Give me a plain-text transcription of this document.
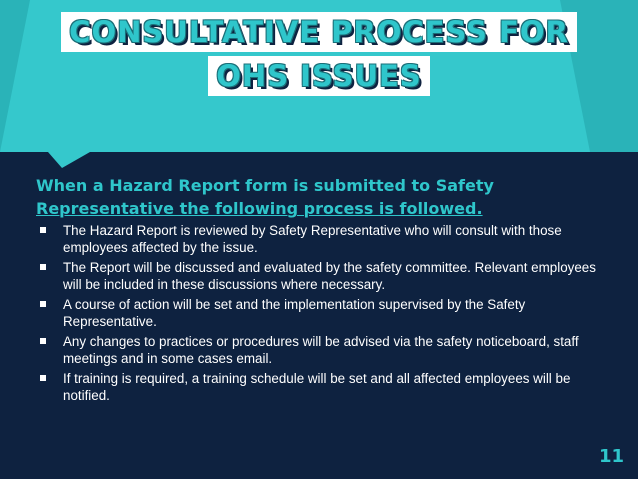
CONSULTATIVE PROCESS FOR
OHS ISSUES

When a Hazard Report form is submitted to Safety
Representative the following process is followed.

The Hazard Report is reviewed by Safety Representative who will consult with those employees affected by the issue.
The Report will be discussed and evaluated by the safety committee. Relevant employees will be included in these discussions where necessary.
A course of action will be set and the implementation supervised by the Safety Representative.
Any changes to practices or procedures will be advised via the safety noticeboard, staff meetings and in some cases email.
If training is required, a training schedule will be set and all affected employees will be notified.
11
